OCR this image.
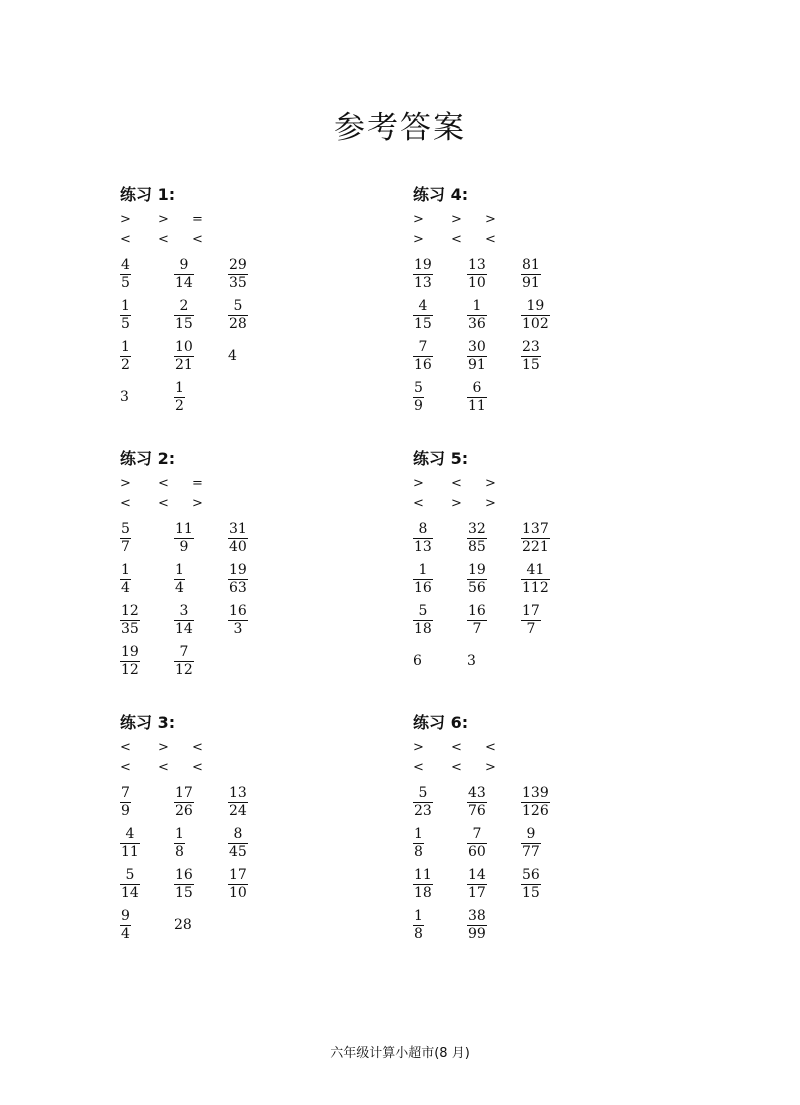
参考答案
练习 1:
> > =
< < <
$\frac{4}{5}$	$\frac{9}{14} \frac{29}{35}$
$\frac{1}{5}$	$\frac{2}{15} \frac{5}{28}$
$\frac{1}{2}$	$\frac{10}{21} 4$
3	$\frac{1}{2}$
练习 4:
> > >
> < <
$\frac{19}{13} \frac{13}{10} \frac{81}{91}$
$\frac{4}{15} \frac{1}{36} \frac{19}{102}$
$\frac{7}{16} \frac{30}{91} \frac{23}{15}$
$\frac{5}{9}$	$\frac{6}{11}$
练习 2:
> < =
< < >
$\frac{5}{7}$	$\frac{11}{9} \frac{31}{40}$
$\frac{1}{4}$	$\frac{1}{4}$	$\frac{19}{63}$
$\frac{12}{35} \frac{3}{14} \frac{16}{3}$
$\frac{19}{12} \frac{7}{12}$
练习 5:
> < >
< > >
$\frac{8}{13} \frac{32}{85} \frac{137}{221}$
$\frac{1}{16} \frac{19}{56} \frac{41}{112}$
$\frac{5}{18} \frac{16}{7} \frac{17}{7}$
6	3
练习 3:
< > <
< < <
$\frac{7}{9}$	$\frac{17}{26} \frac{13}{24}$
$\frac{4}{11} \frac{1}{8}$	$\frac{8}{45}$
$\frac{5}{14} \frac{16}{15} \frac{17}{10}$
$\frac{9}{4}$	28
练习 6:
> < <
< < >
$\frac{5}{23} \frac{43}{76} \frac{139}{126}$
$\frac{1}{8}$	$\frac{7}{60} \frac{9}{77}$
$\frac{11}{18} \frac{14}{17} \frac{56}{15}$
$\frac{1}{8}$	$\frac{38}{99}$
六年级计算小超市(8 月)
